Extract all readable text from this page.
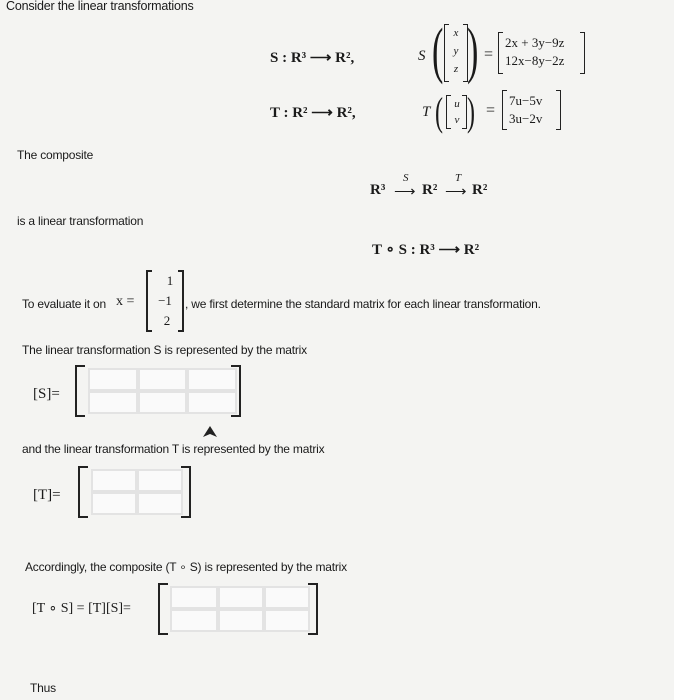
Consider the linear transformations
S : R³ ⟶ R²,	S ( x
y
z ) =
2x + 3y−9z
12x−8y−2z
T : R² ⟶ R²,	T ( u
v ) =
7u−5v
3u−2v
The composite
R³
S
⟶ R²
T
⟶ R²
is a linear transformation
T ∘ S : R³ ⟶ R²
To evaluate it on x =
1
−1
2
, we first determine the standard matrix for each linear transformation.
The linear transformation S is represented by the matrix
[S]=
and the linear transformation T is represented by the matrix
[T]=
Accordingly, the composite (T ∘ S) is represented by the matrix
[T ∘ S] = [T][S]=
Thus
